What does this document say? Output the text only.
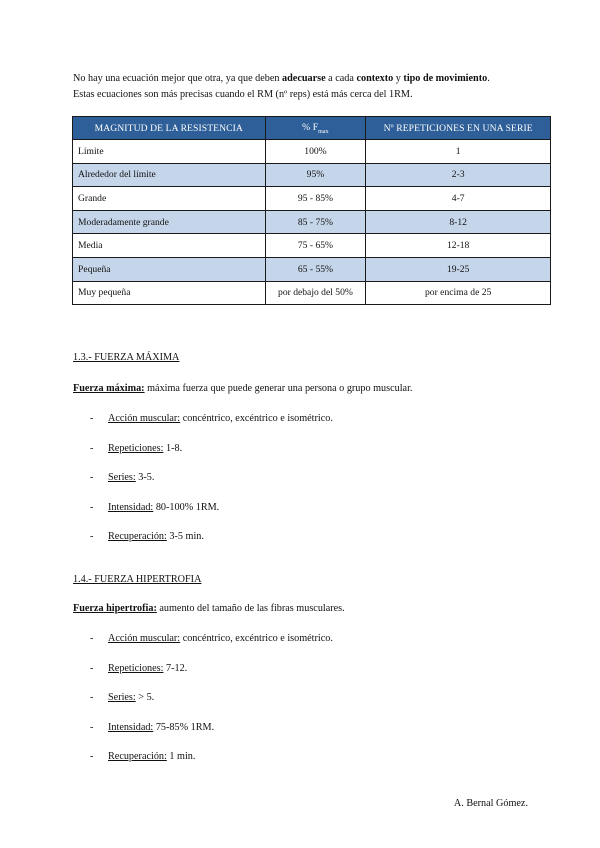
No hay una ecuación mejor que otra, ya que deben adecuarse a cada contexto y tipo de movimiento.

Estas ecuaciones son más precisas cuando el RM (nº reps) está más cerca del 1RM.

MAGNITUD DE LA RESISTENCIA	% $F_{max}$	Nº REPETICIONES EN UNA SERIE
Límite	100%	1
Alrededor del límite	95%	2-3
Grande	95 - 85%	4-7
Moderadamente grande	85 - 75%	8-12
Media	75 - 65%	12-18
Pequeña	65 - 55%	19-25
Muy pequeña	por debajo del 50%	por encima de 25
1.3.- FUERZA MÁXIMA
Fuerza máxima: máxima fuerza que puede generar una persona o grupo muscular.
- Acción muscular: concéntrico, excéntrico e isométrico.
- Repeticiones: 1-8.
- Series: 3-5.
- Intensidad: 80-100% 1RM.
- Recuperación: 3-5 min.
1.4.- FUERZA HIPERTROFIA
Fuerza hipertrofia: aumento del tamaño de las fibras musculares.
- Acción muscular: concéntrico, excéntrico e isométrico.
- Repeticiones: 7-12.
- Series: > 5.
- Intensidad: 75-85% 1RM.
- Recuperación: 1 min.
A. Bernal Gómez.
